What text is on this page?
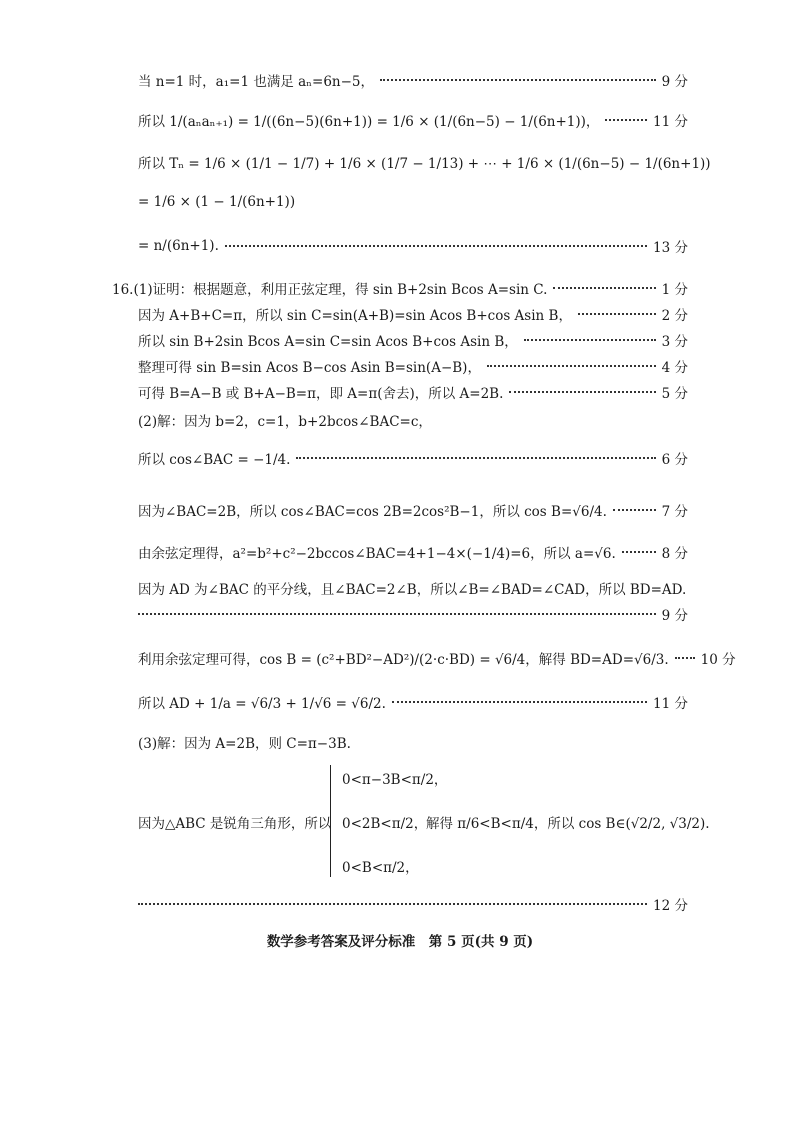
当 n=1 时，a₁=1 也满足 aₙ=6n−5，	9 分
所以 1/(aₙaₙ₊₁) = 1/((6n−5)(6n+1)) = 1/6 × (1/(6n−5) − 1/(6n+1))，	11 分
所以 Tₙ = 1/6 × (1/1 − 1/7) + 1/6 × (1/7 − 1/13) + ⋯ + 1/6 × (1/(6n−5) − 1/(6n+1))
= 1/6 × (1 − 1/(6n+1))
= n/(6n+1).	13 分
16.(1)证明：根据题意，利用正弦定理，得 sin B+2sin Bcos A=sin C.	1 分
因为 A+B+C=π，所以 sin C=sin(A+B)=sin Acos B+cos Asin B，	2 分
所以 sin B+2sin Bcos A=sin C=sin Acos B+cos Asin B，	3 分
整理可得 sin B=sin Acos B−cos Asin B=sin(A−B)，	4 分
可得 B=A−B 或 B+A−B=π，即 A=π(舍去)，所以 A=2B.	5 分
(2)解：因为 b=2，c=1，b+2bcos∠BAC=c，
所以 cos∠BAC = −1/4.	6 分
因为∠BAC=2B，所以 cos∠BAC=cos 2B=2cos²B−1，所以 cos B=√6/4.	7 分
由余弦定理得，a²=b²+c²−2bccos∠BAC=4+1−4×(−1/4)=6，所以 a=√6.	8 分
因为 AD 为∠BAC 的平分线，且∠BAC=2∠B，所以∠B=∠BAD=∠CAD，所以 BD=AD.
9 分
利用余弦定理可得，cos B = (c²+BD²−AD²)/(2·c·BD) = √6/4，解得 BD=AD=√6/3. 10 分
所以 AD + 1/a = √6/3 + 1/√6 = √6/2.	11 分
(3)解：因为 A=2B，则 C=π−3B.
因为△ABC 是锐角三角形，所以
0<π−3B<π/2，
0<2B<π/2，
0<B<π/2，
解得 π/6<B<π/4，所以 cos B∈(√2/2, √3/2).
12 分
数学参考答案及评分标准　第 5 页(共 9 页)
